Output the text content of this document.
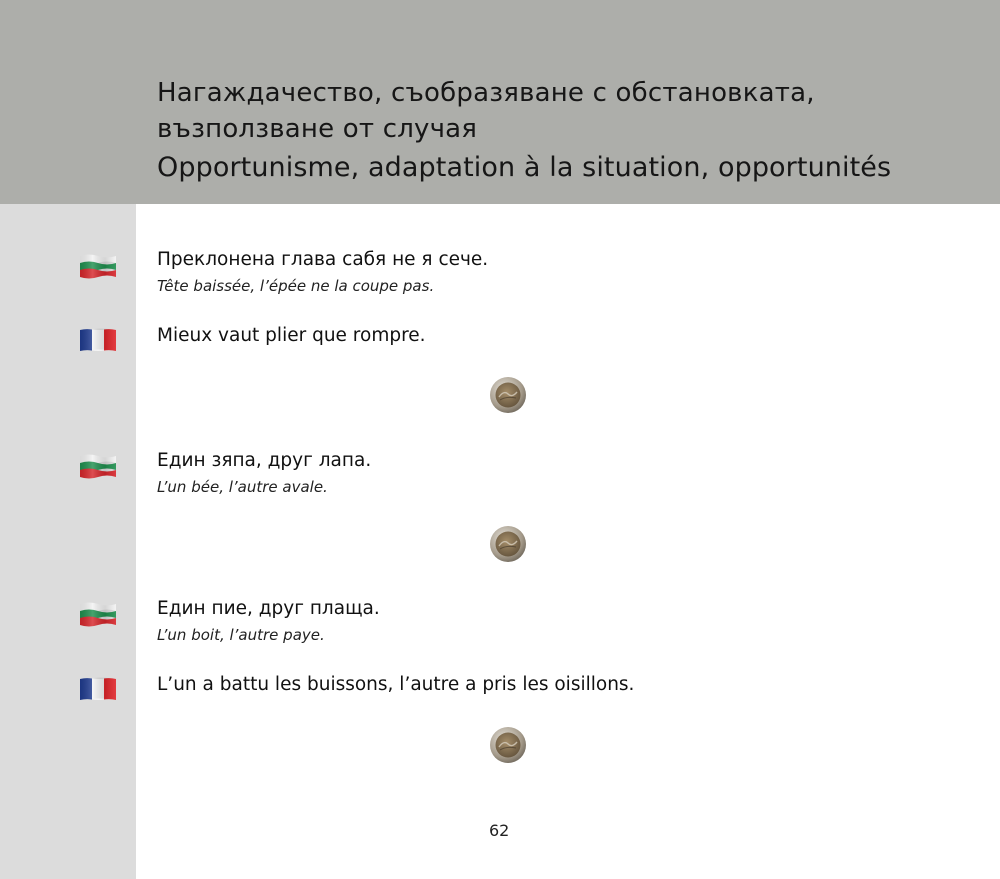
Нагаждачество, съобразяване с обстановката,
възползване от случая
Opportunisme, adaptation à la situation, opportunités
Преклонена глава сабя не я сече.
Tête baissée, l’épée ne la coupe pas.
Mieux vaut plier que rompre.
Един зяпа, друг лапа.
L’un bée, l’autre avale.
Един пие, друг плаща.
L’un boit, l’autre paye.
L’un a battu les buissons, l’autre a pris les oisillons.
62
